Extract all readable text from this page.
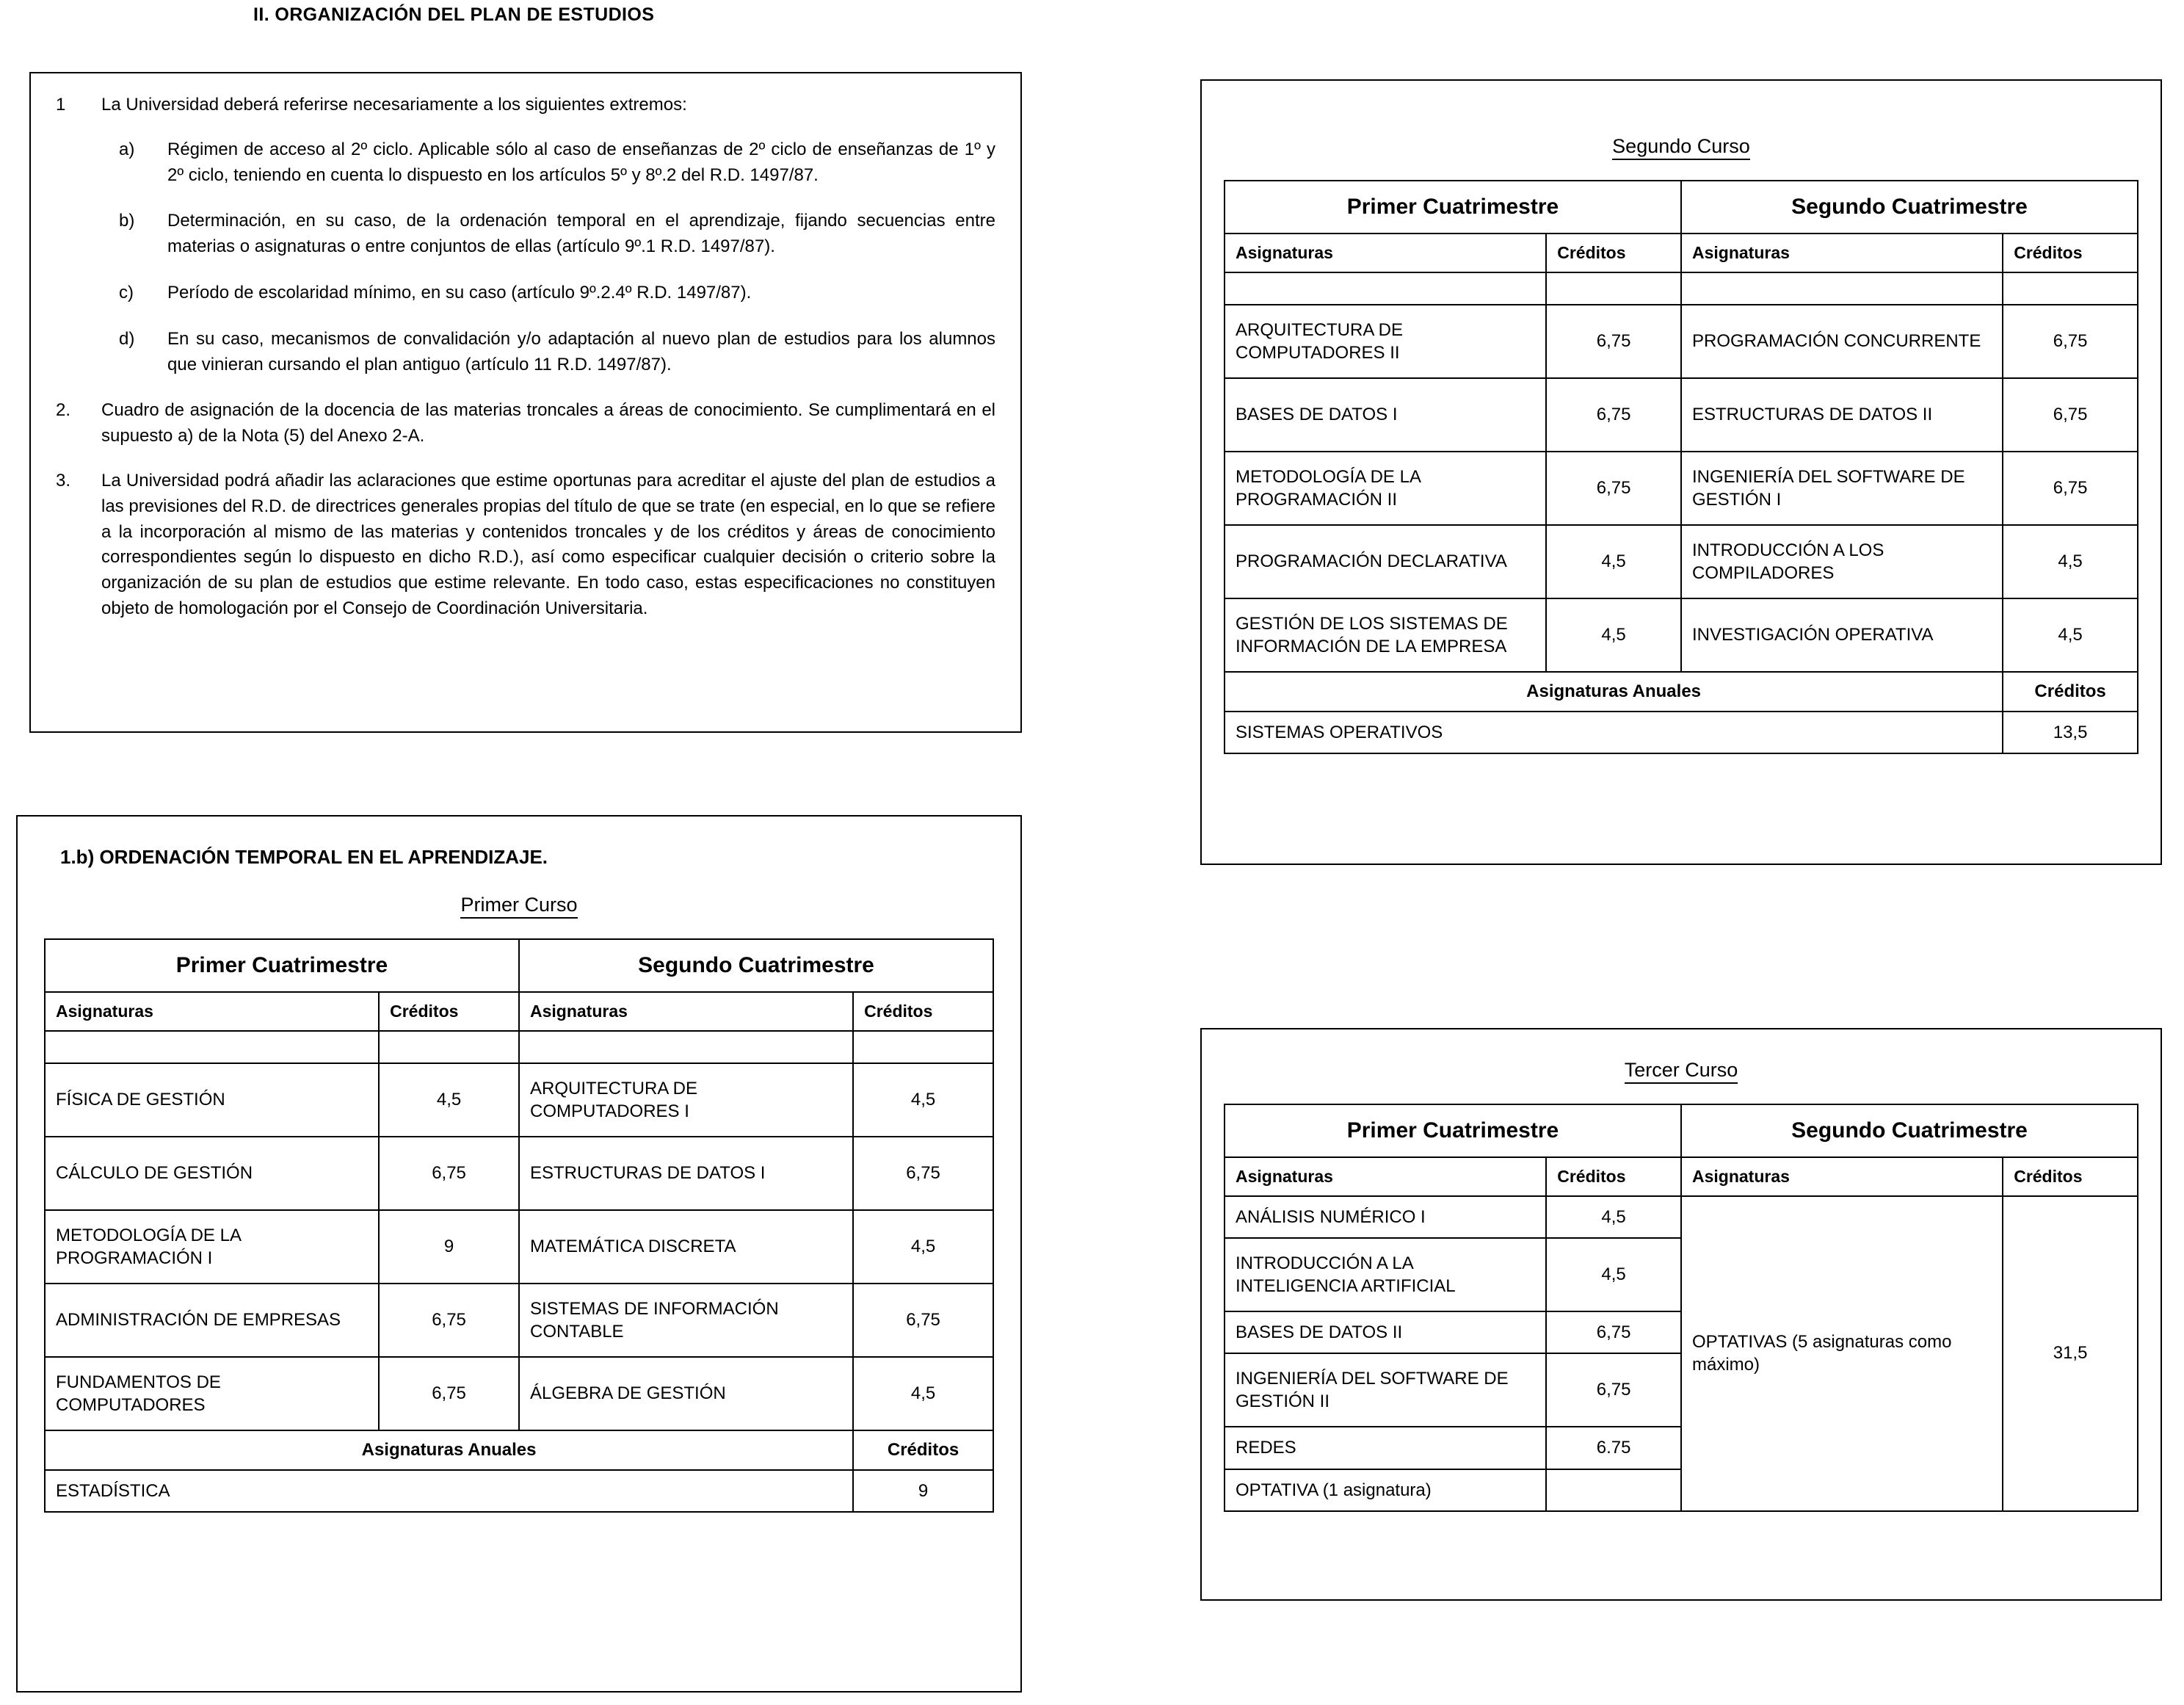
II. ORGANIZACIÓN DEL PLAN DE ESTUDIOS
1	La Universidad deberá referirse necesariamente a los siguientes extremos:
a)	Régimen de acceso al 2º ciclo. Aplicable sólo al caso de enseñanzas de 2º ciclo de enseñanzas de 1º y 2º ciclo, teniendo en cuenta lo dispuesto en los artículos 5º y 8º.2 del R.D. 1497/87.
b)	Determinación, en su caso, de la ordenación temporal en el aprendizaje, fijando secuencias entre materias o asignaturas o entre conjuntos de ellas (artículo 9º.1 R.D. 1497/87).
c)	Período de escolaridad mínimo, en su caso (artículo 9º.2.4º R.D. 1497/87).
d)	En su caso, mecanismos de convalidación y/o adaptación al nuevo plan de estudios para los alumnos que vinieran cursando el plan antiguo (artículo 11 R.D. 1497/87).
2.	Cuadro de asignación de la docencia de las materias troncales a áreas de conocimiento. Se cumplimentará en el supuesto a) de la Nota (5) del Anexo 2-A.
3.	La Universidad podrá añadir las aclaraciones que estime oportunas para acreditar el ajuste del plan de estudios a las previsiones del R.D. de directrices generales propias del título de que se trate (en especial, en lo que se refiere a la incorporación al mismo de las materias y contenidos troncales y de los créditos y áreas de conocimiento correspondientes según lo dispuesto en dicho R.D.), así como especificar cualquier decisión o criterio sobre la organización de su plan de estudios que estime relevante. En todo caso, estas especificaciones no constituyen objeto de homologación por el Consejo de Coordinación Universitaria.
1.b) ORDENACIÓN TEMPORAL EN EL APRENDIZAJE.
Primer Curso
Primer Cuatrimestre		Segundo Cuatrimestre	
Asignaturas	Créditos	Asignaturas	Créditos

FÍSICA DE GESTIÓN	4,5	ARQUITECTURA DE COMPUTADORES I	4,5
CÁLCULO DE GESTIÓN	6,75	ESTRUCTURAS DE DATOS I	6,75
METODOLOGÍA DE LA PROGRAMACIÓN I	9	MATEMÁTICA DISCRETA	4,5
ADMINISTRACIÓN DE EMPRESAS	6,75	SISTEMAS DE INFORMACIÓN CONTABLE	6,75
FUNDAMENTOS DE COMPUTADORES	6,75	ÁLGEBRA DE GESTIÓN	4,5
Asignaturas Anuales			Créditos
ESTADÍSTICA			9
Segundo Curso
Primer Cuatrimestre		Segundo Cuatrimestre	
Asignaturas	Créditos	Asignaturas	Créditos

ARQUITECTURA DE COMPUTADORES II	6,75	PROGRAMACIÓN CONCURRENTE	6,75
BASES DE DATOS I	6,75	ESTRUCTURAS DE DATOS II	6,75
METODOLOGÍA DE LA PROGRAMACIÓN II	6,75	INGENIERÍA DEL SOFTWARE DE GESTIÓN I	6,75
PROGRAMACIÓN DECLARATIVA	4,5	INTRODUCCIÓN A LOS COMPILADORES	4,5
GESTIÓN DE LOS SISTEMAS DE INFORMACIÓN DE LA EMPRESA	4,5	INVESTIGACIÓN OPERATIVA	4,5
Asignaturas Anuales			Créditos
SISTEMAS OPERATIVOS			13,5
Tercer Curso
Primer Cuatrimestre		Segundo Cuatrimestre	
Asignaturas	Créditos	Asignaturas	Créditos
ANÁLISIS NUMÉRICO I	4,5	OPTATIVAS (5 asignaturas como máximo)	31,5
INTRODUCCIÓN A LA INTELIGENCIA ARTIFICIAL	4,5		
BASES DE DATOS II	6,75		
INGENIERÍA DEL SOFTWARE DE GESTIÓN II	6,75		
REDES	6.75		
OPTATIVA (1 asignatura)			
